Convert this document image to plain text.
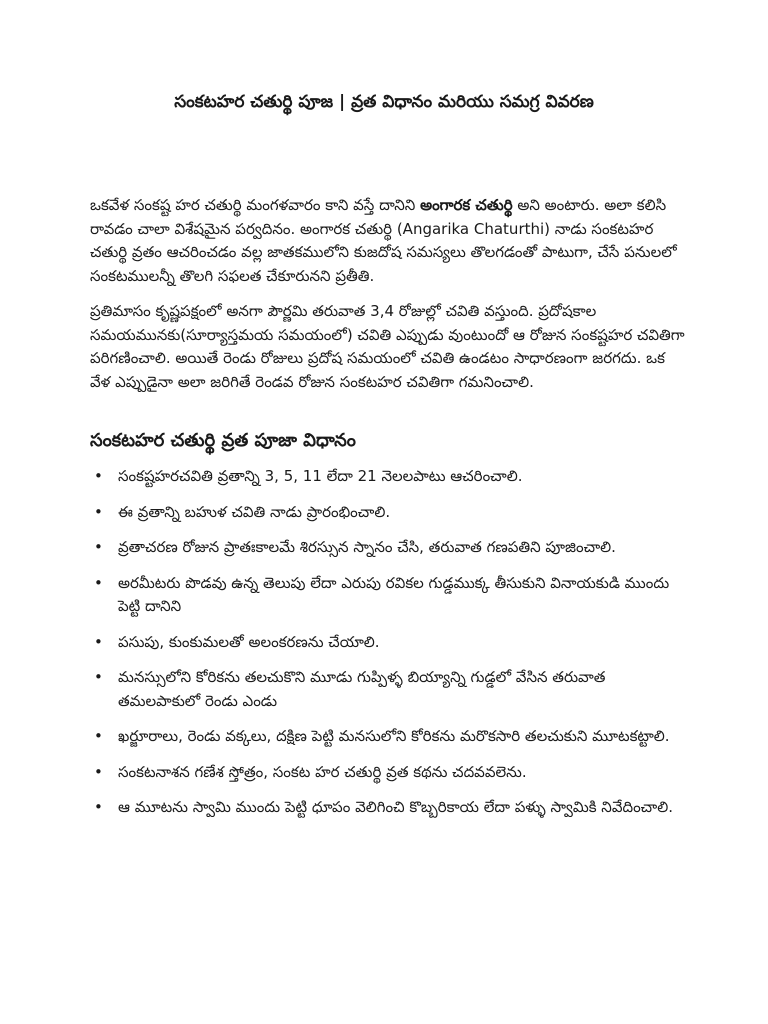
సంకటహర చతుర్థి పూజ | వ్రత విధానం మరియు సమగ్ర వివరణ

ఒకవేళ సంకష్ట హర చతుర్థి మంగళవారం కాని వస్తే దానిని అంగారక చతుర్థి అని అంటారు. అలా కలిసి రావడం చాలా విశేషమైన పర్వదినం. అంగారక చతుర్థి (Angarika Chaturthi) నాడు సంకటహర చతుర్థి వ్రతం ఆచరించడం వల్ల జాతకములోని కుజదోష సమస్యలు తొలగడంతో పాటుగా, చేసే పనులలో సంకటములన్నీ తొలగి సఫలత చేకూరునని ప్రతీతి.

ప్రతిమాసం కృష్ణపక్షంలో అనగా పౌర్ణమి తరువాత 3,4 రోజుల్లో చవితి వస్తుంది. ప్రదోషకాల సమయమునకు(సూర్యాస్తమయ సమయంలో) చవితి ఎప్పుడు వుంటుందో ఆ రోజున సంకష్టహర చవితిగా పరిగణించాలి. అయితే రెండు రోజులు ప్రదోష సమయంలో చవితి ఉండటం సాధారణంగా జరగదు. ఒక వేళ ఎప్పుడైనా అలా జరిగితే రెండవ రోజున సంకటహర చవితిగా గమనించాలి.

సంకటహర చతుర్థి వ్రత పూజా విధానం
• సంకష్టహరచవితి వ్రతాన్ని 3, 5, 11 లేదా 21 నెలలపాటు ఆచరించాలి.
• ఈ వ్రతాన్ని బహుళ చవితి నాడు ప్రారంభించాలి.
• వ్రతాచరణ రోజున ప్రాతఃకాలమే శిరస్సున స్నానం చేసి, తరువాత గణపతిని పూజించాలి.
• అరమీటరు పొడవు ఉన్న తెలుపు లేదా ఎరుపు రవికల గుడ్డముక్క తీసుకుని వినాయకుడి ముందు పెట్టి దానిని
• పసుపు, కుంకుమలతో అలంకరణను చేయాలి.
• మనస్సులోని కోరికను తలచుకొని మూడు గుప్పిళ్ళ బియ్యాన్ని గుడ్డలో వేసిన తరువాత తమలపాకులో రెండు ఎండు
• ఖర్జూరాలు, రెండు వక్కలు, దక్షిణ పెట్టి మనసులోని కోరికను మరొకసారి తలచుకుని మూటకట్టాలి.
• సంకటనాశన గణేశ స్తోత్రం, సంకట హర చతుర్థి వ్రత కథను చదవవలెను.
• ఆ మూటను స్వామి ముందు పెట్టి ధూపం వెలిగించి కొబ్బరికాయ లేదా పళ్ళు స్వామికి నివేదించాలి.
